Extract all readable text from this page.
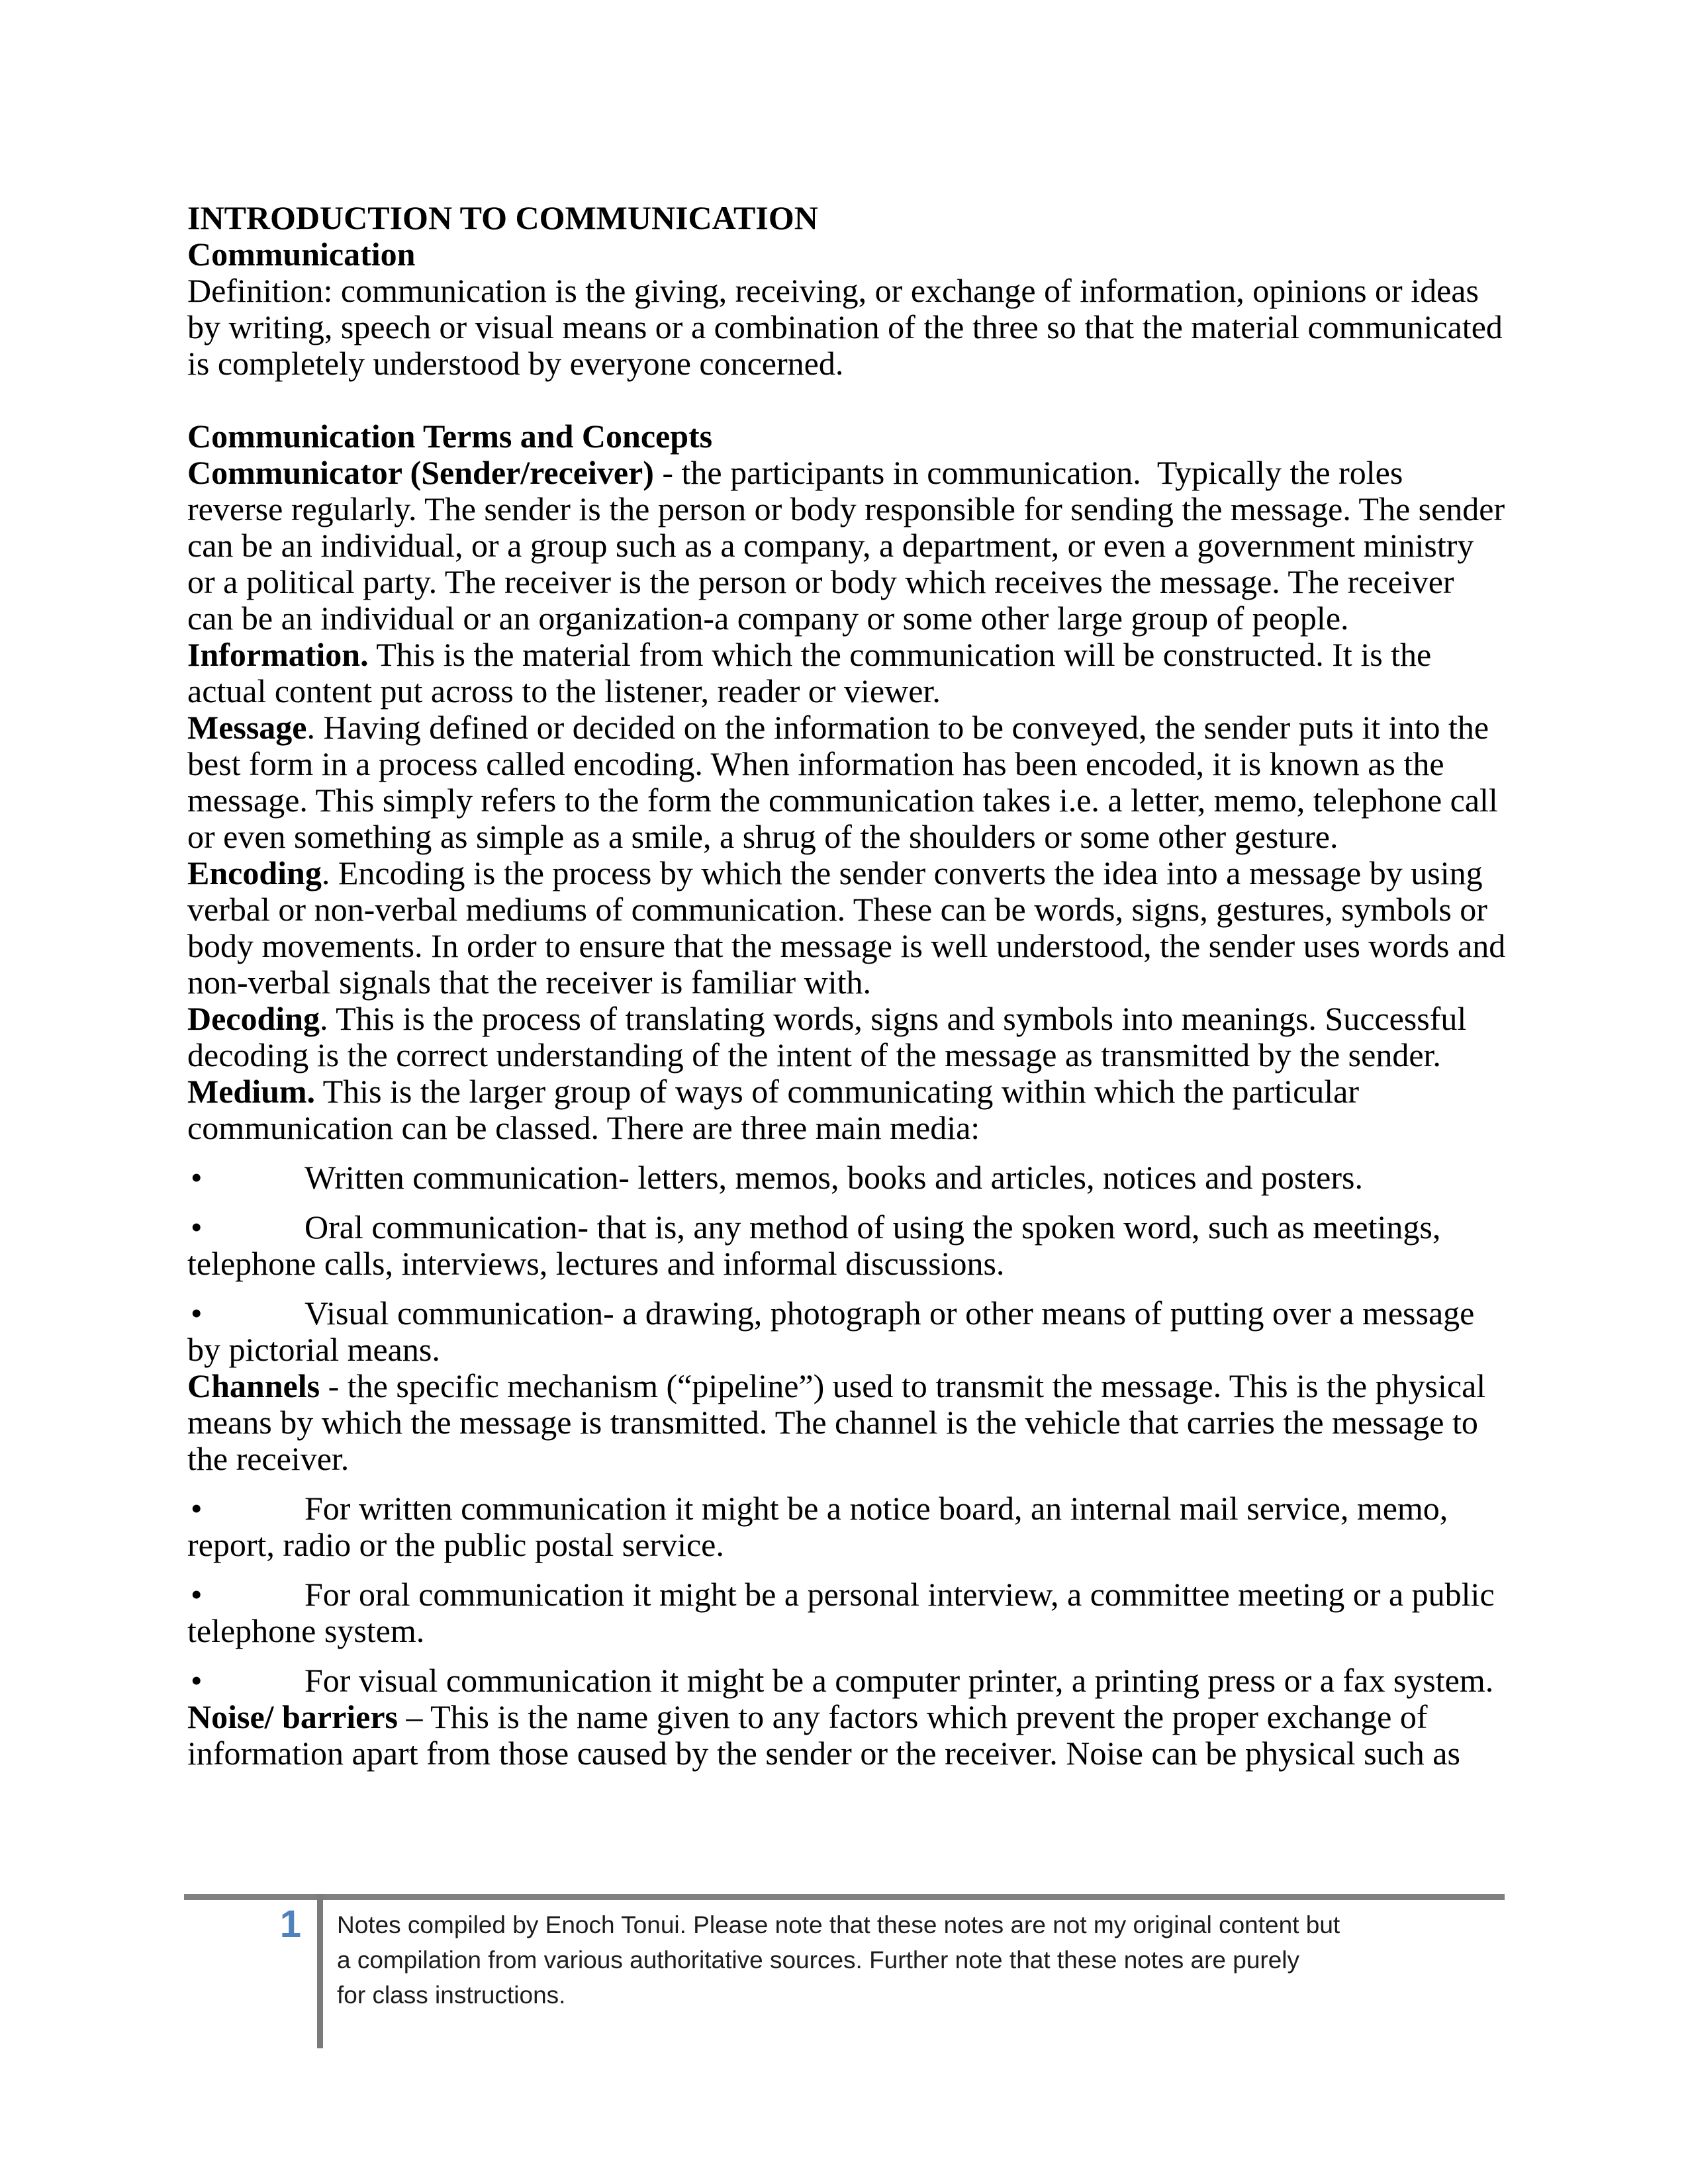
INTRODUCTION TO COMMUNICATION

Communication

Definition: communication is the giving, receiving, or exchange of information, opinions or ideas by writing, speech or visual means or a combination of the three so that the material communicated is completely understood by everyone concerned.

Communication Terms and Concepts

Communicator (Sender/receiver) - the participants in communication.  Typically the roles reverse regularly. The sender is the person or body responsible for sending the message. The sender can be an individual, or a group such as a company, a department, or even a government ministry or a political party. The receiver is the person or body which receives the message. The receiver can be an individual or an organization-a company or some other large group of people.

Information. This is the material from which the communication will be constructed. It is the actual content put across to the listener, reader or viewer.

Message. Having defined or decided on the information to be conveyed, the sender puts it into the best form in a process called encoding. When information has been encoded, it is known as the message. This simply refers to the form the communication takes i.e. a letter, memo, telephone call or even something as simple as a smile, a shrug of the shoulders or some other gesture.

Encoding. Encoding is the process by which the sender converts the idea into a message by using verbal or non-verbal mediums of communication. These can be words, signs, gestures, symbols or body movements. In order to ensure that the message is well understood, the sender uses words and non-verbal signals that the receiver is familiar with.

Decoding. This is the process of translating words, signs and symbols into meanings. Successful decoding is the correct understanding of the intent of the message as transmitted by the sender.

Medium. This is the larger group of ways of communicating within which the particular communication can be classed. There are three main media:

•	Written communication- letters, memos, books and articles, notices and posters.

•	Oral communication- that is, any method of using the spoken word, such as meetings, telephone calls, interviews, lectures and informal discussions.

•	Visual communication- a drawing, photograph or other means of putting over a message by pictorial means.

Channels - the specific mechanism (“pipeline”) used to transmit the message. This is the physical means by which the message is transmitted. The channel is the vehicle that carries the message to the receiver.

•	For written communication it might be a notice board, an internal mail service, memo, report, radio or the public postal service.

•	For oral communication it might be a personal interview, a committee meeting or a public telephone system.

•	For visual communication it might be a computer printer, a printing press or a fax system.

Noise/ barriers – This is the name given to any factors which prevent the proper exchange of information apart from those caused by the sender or the receiver. Noise can be physical such as

1 Notes compiled by Enoch Tonui. Please note that these notes are not my original content but
a compilation from various authoritative sources. Further note that these notes are purely
for class instructions.
